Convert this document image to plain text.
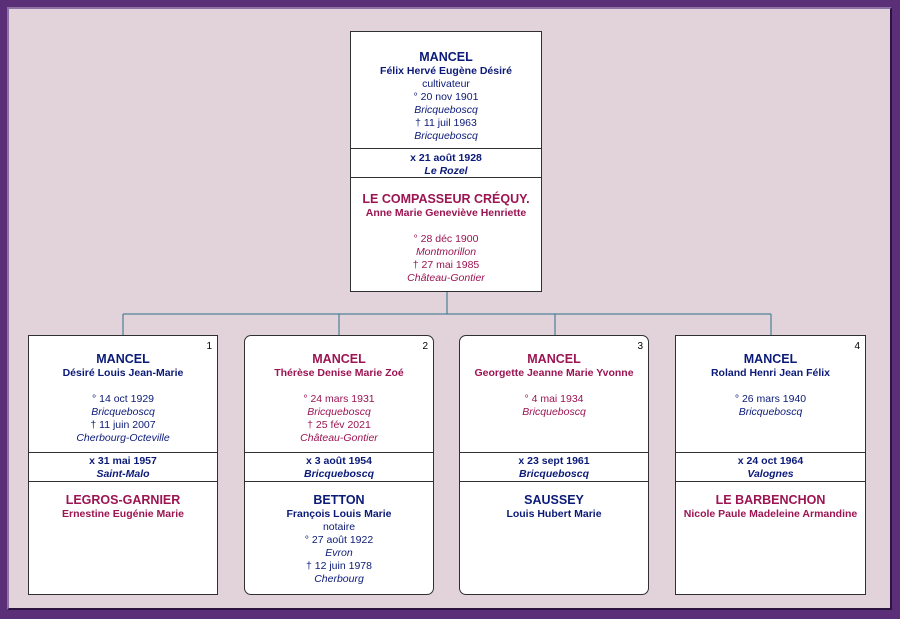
MANCEL
Félix Hervé Eugène Désiré
cultivateur
° 20 nov 1901
Bricqueboscq
† 11 juil 1963
Bricqueboscq
x 21 août 1928
Le Rozel
LE COMPASSEUR CRÉQUY.
Anne Marie Geneviève Henriette
° 28 déc 1900
Montmorillon
† 27 mai 1985
Château-Gontier
1
MANCEL
Désiré Louis Jean-Marie
° 14 oct 1929
Bricqueboscq
† 11 juin 2007
Cherbourg-Octeville
x 31 mai 1957
Saint-Malo
LEGROS-GARNIER
Ernestine Eugénie Marie
2
MANCEL
Thérèse Denise Marie Zoé
° 24 mars 1931
Bricqueboscq
† 25 fév 2021
Château-Gontier
x 3 août 1954
Bricqueboscq
BETTON
François Louis Marie
notaire
° 27 août 1922
Evron
† 12 juin 1978
Cherbourg
3
MANCEL
Georgette Jeanne Marie Yvonne
° 4 mai 1934
Bricqueboscq
x 23 sept 1961
Bricqueboscq
SAUSSEY
Louis Hubert Marie
4
MANCEL
Roland Henri Jean Félix
° 26 mars 1940
Bricqueboscq
x 24 oct 1964
Valognes
LE BARBENCHON
Nicole Paule Madeleine Armandine
